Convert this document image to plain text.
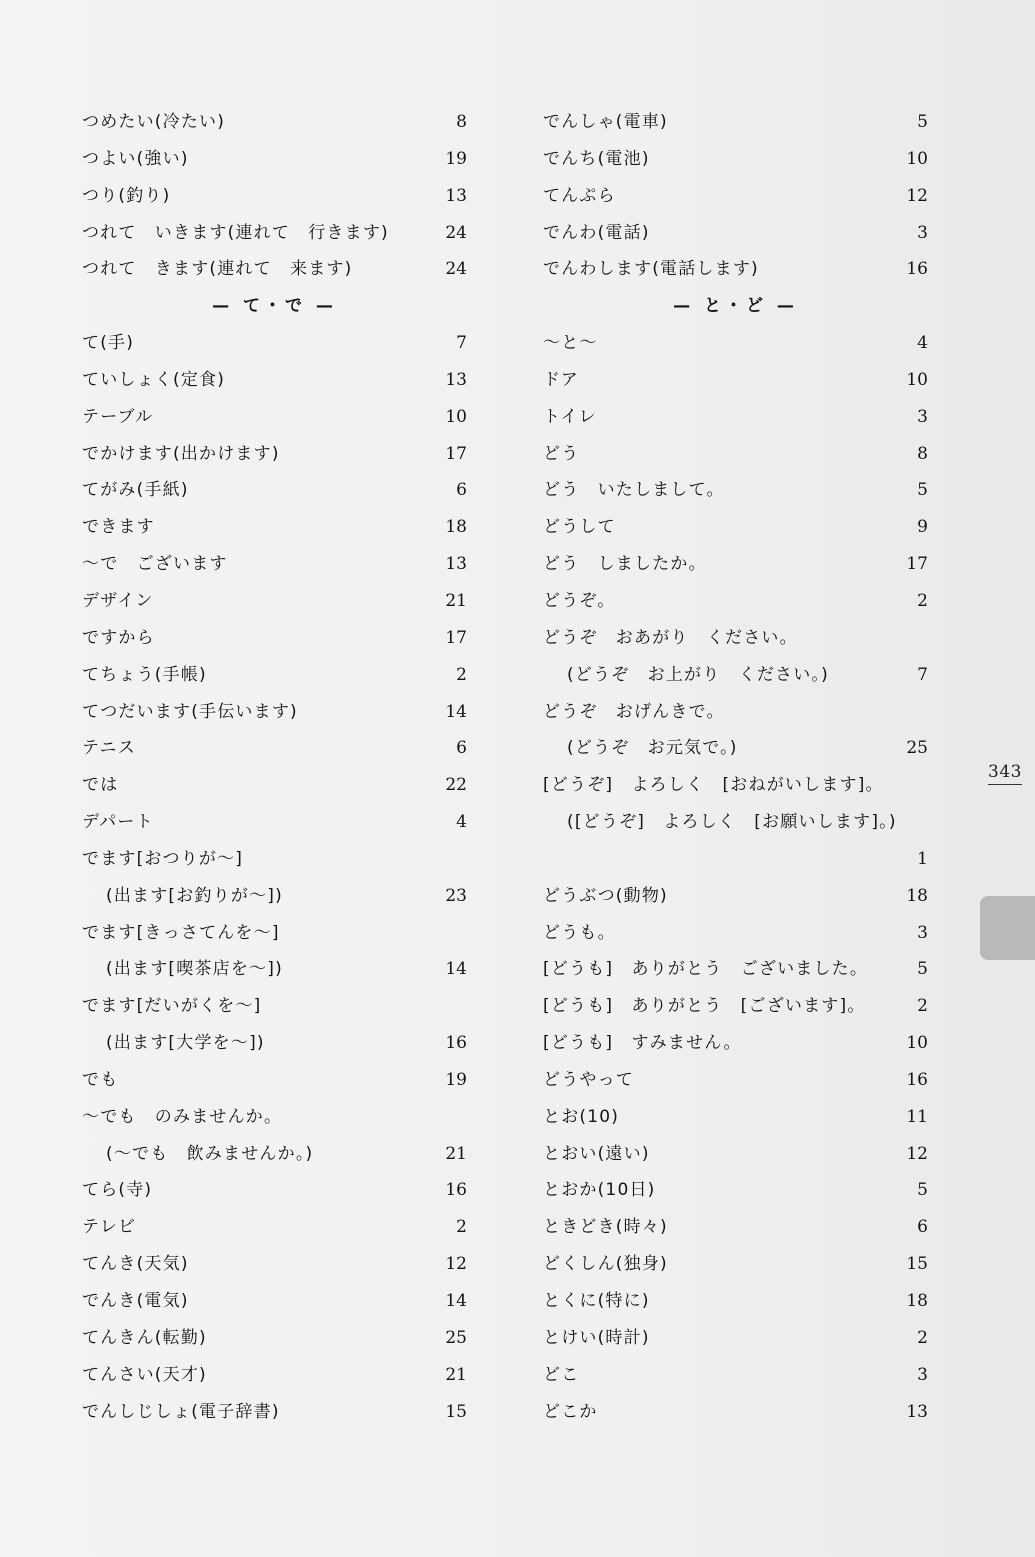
つめたい(冷たい)	8
つよい(強い)	19
つり(釣り)	13
つれて　いきます(連れて　行きます)	24
つれて　きます(連れて　来ます)	24
— て・で —
て(手)	7
ていしょく(定食)	13
テーブル	10
でかけます(出かけます)	17
てがみ(手紙)	6
できます	18
～で　ございます	13
デザイン	21
ですから	17
てちょう(手帳)	2
てつだいます(手伝います)	14
テニス	6
では	22
デパート	4
でます[おつりが～]
(出ます[お釣りが～])	23
でます[きっさてんを～]
(出ます[喫茶店を～])	14
でます[だいがくを～]
(出ます[大学を～])	16
でも	19
～でも　のみませんか。
(～でも　飲みませんか。)	21
てら(寺)	16
テレビ	2
てんき(天気)	12
でんき(電気)	14
てんきん(転勤)	25
てんさい(天才)	21
でんしじしょ(電子辞書)	15
でんしゃ(電車)	5
でんち(電池)	10
てんぷら	12
でんわ(電話)	3
でんわします(電話します)	16
— と・ど —
～と～	4
ドア	10
トイレ	3
どう	8
どう　いたしまして。	5
どうして	9
どう　しましたか。	17
どうぞ。	2
どうぞ　おあがり　ください。
(どうぞ　お上がり　ください。)	7
どうぞ　おげんきで。
(どうぞ　お元気で。)	25
[どうぞ]　よろしく　[おねがいします]。
([どうぞ]　よろしく　[お願いします]。)
1
どうぶつ(動物)	18
どうも。	3
[どうも]　ありがとう　ございました。	5
[どうも]　ありがとう　[ございます]。	2
[どうも]　すみません。	10
どうやって	16
とお(10)	11
とおい(遠い)	12
とおか(10日)	5
ときどき(時々)	6
どくしん(独身)	15
とくに(特に)	18
とけい(時計)	2
どこ	3
どこか	13
343
